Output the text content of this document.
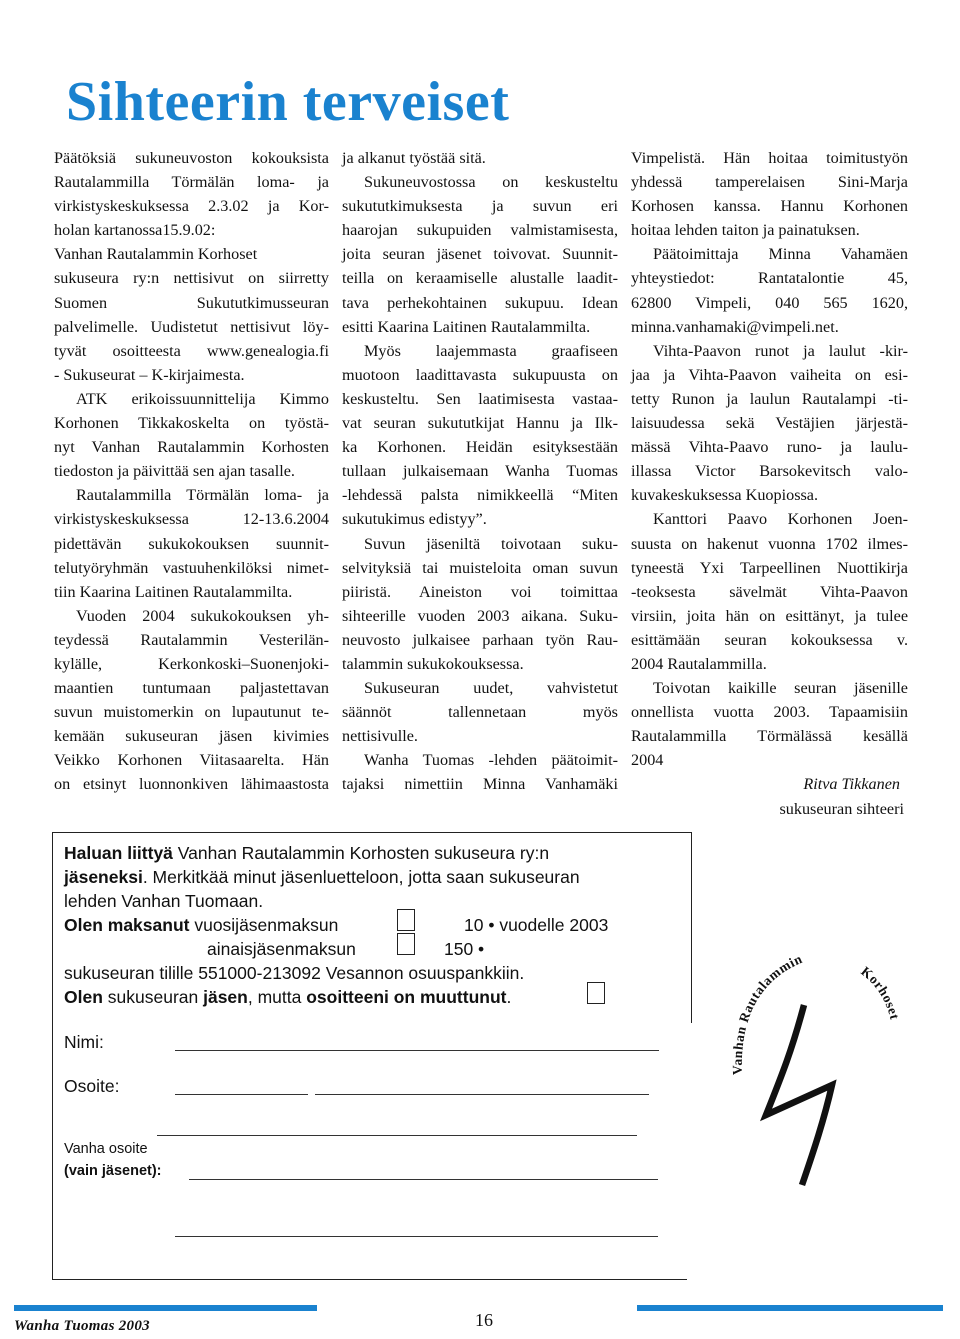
Sihteerin terveiset

Päätöksiä sukuneuvoston kokouksista
Rautalammilla Törmälän loma- ja
virkistyskeskuksessa 2.3.02 ja Kor-
holan kartanossa15.9.02:
Vanhan Rautalammin Korhoset
sukuseura ry:n nettisivut on siirretty
Suomen Sukututkimusseuran
palvelimelle. Uudistetut nettisivut löy-
tyvät osoitteesta www.genealogia.fi
- Sukuseurat – K-kirjaimesta.

ATK erikoissuunnittelija Kimmo
Korhonen Tikkakoskelta on työstä-
nyt Vanhan Rautalammin Korhosten
tiedoston ja päivittää sen ajan tasalle.

Rautalammilla Törmälän loma- ja
virkistyskeskuksessa 12-13.6.2004
pidettävän sukukokouksen suunnit-
telutyöryhmän vastuuhenkilöksi nimet-
tiin Kaarina Laitinen Rautalammilta.

Vuoden 2004 sukukokouksen yh-
teydessä Rautalammin Vesterilän-
kylälle, Kerkonkoski–Suonenjoki-
maantien tuntumaan paljastettavan
suvun muistomerkin on lupautunut te-
kemään sukuseuran jäsen kivimies
Veikko Korhonen Viitasaarelta. Hän
on etsinyt luonnonkiven lähimaastosta

ja alkanut työstää sitä.

Sukuneuvostossa on keskusteltu
sukututkimuksesta ja suvun eri
haarojan sukupuiden valmistamisesta,
joita seuran jäsenet toivovat. Suunnit-
teilla on keraamiselle alustalle laadit-
tava perhekohtainen sukupuu. Idean
esitti Kaarina Laitinen Rautalammilta.

Myös laajemmasta graafiseen
muotoon laadittavasta sukupuusta on
keskusteltu. Sen laatimisesta vastaa-
vat seuran sukututkijat Hannu ja Ilk-
ka Korhonen. Heidän esityksestään
tullaan julkaisemaan Wanha Tuomas
-lehdessä palsta nimikkeellä “Miten
sukutukimus edistyy”.

Suvun jäseniltä toivotaan suku-
selvityksiä tai muisteloita oman suvun
piiristä. Aineiston voi toimittaa
sihteerille vuoden 2003 aikana. Suku-
neuvosto julkaisee parhaan työn Rau-
talammin sukukokouksessa.

Sukuseuran uudet, vahvistetut
säännöt tallennetaan myös
nettisivulle.

Wanha Tuomas -lehden päätoimit-
tajaksi nimettiin Minna Vanhamäki

Vimpelistä. Hän hoitaa toimitustyön
yhdessä tamperelaisen Sini-Marja
Korhosen kanssa. Hannu Korhonen
hoitaa lehden taiton ja painatuksen.

Päätoimittaja Minna Vahamäen
yhteystiedot: Rantatalontie 45,
62800 Vimpeli, 040 565 1620,
minna.vanhamaki@vimpeli.net.

Vihta-Paavon runot ja laulut -kir-
jaa ja Vihta-Paavon vaiheita on esi-
tetty Runon ja laulun Rautalampi -ti-
laisuudessa sekä Vestäjien järjestä-
mässä Vihta-Paavo runo- ja laulu-
illassa Victor Barsokevitsch valo-
kuvakeskuksessa Kuopiossa.

Kanttori Paavo Korhonen Joen-
suusta on hakenut vuonna 1702 ilmes-
tyneestä Yxi Tarpeellinen Nuottikirja
-teoksesta sävelmät Vihta-Paavon
virsiin, joita hän on esittänyt, ja tulee
esittämään seuran kokouksessa v.
2004 Rautalammilla.

Toivotan kaikille seuran jäsenille
onnellista vuotta 2003. Tapaamisiin
Rautalammilla Törmälässä kesällä
2004

Ritva Tikkanen
sukuseuran sihteeri
Haluan liittyä Vanhan Rautalammin Korhosten sukuseura ry:n
jäseneksi. Merkitkää minut jäsenluetteloon, jotta saan sukuseuran
lehden Vanhan Tuomaan.
Olen maksanut vuosijäsenmaksun	10 • vuodelle 2003
ainaisjäsenmaksun	150 •
sukuseuran tilille 551000-213092 Vesannon osuuspankkiin.
Olen sukuseuran jäsen, mutta osoitteeni on muuttunut.
Nimi:
Osoite:
Vanha osoite
(vain jäsenet):
Vanhan Rautalammin
Korhoset
Wanha Tuomas 2003	16
